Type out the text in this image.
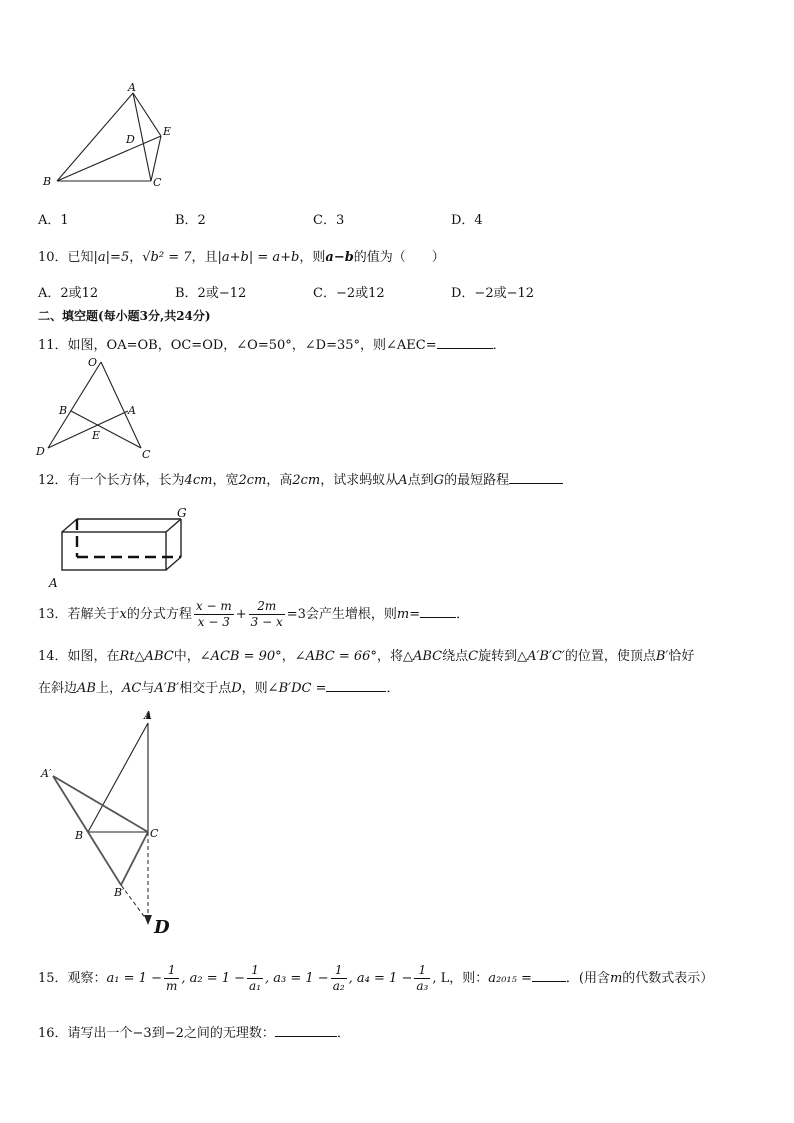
A
B	C
D
E
A．1	B．2	C．3	D．4
10．已知|a|=5，√b² = 7，且|a+b| = a+b，则a−b的值为（　　）
A．2或12	B．2或−12	C．−2或12	D．−2或−12
二、填空题(每小题3分,共24分)
11．如图，OA=OB，OC=OD，∠O=50°，∠D=35°，则∠AEC=	．
O
B	A
E
D	C
12．有一个长方体，长为4cm，宽2cm，高2cm，试求蚂蚁从A点到G的最短路程
G
A
13．若解关于x的分式方程 $\frac{x - m}{x - 3} + \frac{2m}{3 - x} =3$会产生增根，则m=	．
14．如图，在Rt△ABC中，∠ACB = 90°，∠ABC = 66°，将△ABC绕点C旋转到△A′B′C′的位置，使顶点B′恰好
在斜边AB上，AC与A′B′相交于点D，则∠B′DC =	．
A
A′
B	C
B′
D
15．观察：$a_1 = 1 - \frac{1}{m}$ , $a_2 = 1 - \frac{1}{\text{a₁}}$ , $a_3 = 1 - \frac{1}{\text{a₂}}$ , $a_4 = 1 - \frac{1}{\text{a₃}}$ , L，则：a₂₀₁₅ =	．(用含m的代数式表示）
16．请写出一个−3到−2之间的无理数：	．
